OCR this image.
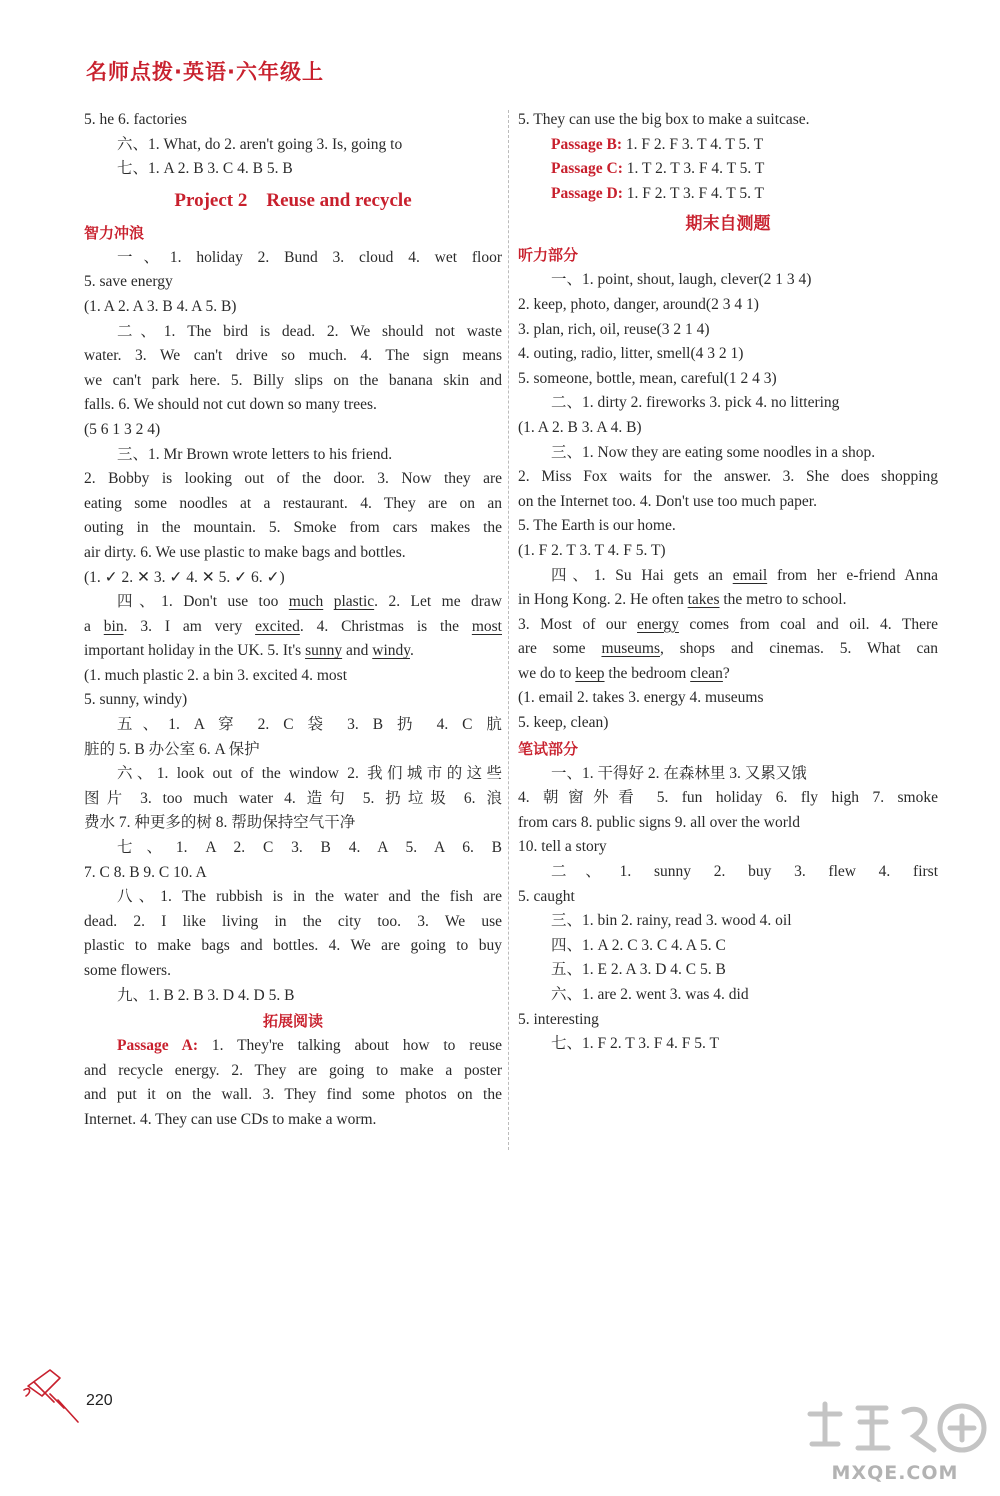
名师点拨·英语·六年级上
5. he 6. factories
六、1. What, do 2. aren't going 3. Is, going to
七、1. A 2. B 3. C 4. B 5. B
Project 2    Reuse and recycle
智力冲浪
一、1. holiday 2. Bund 3. cloud 4. wet floor
5. save energy
(1. A 2. A 3. B 4. A 5. B)
二、1. The bird is dead. 2. We should not waste
water. 3. We can't drive so much. 4. The sign means
we can't park here. 5. Billy slips on the banana skin and
falls. 6. We should not cut down so many trees.
(5 6 1 3 2 4)
三、1. Mr Brown wrote letters to his friend.
2. Bobby is looking out of the door. 3. Now they are
eating some noodles at a restaurant. 4. They are on an
outing in the mountain. 5. Smoke from cars makes the
air dirty. 6. We use plastic to make bags and bottles.
(1. ✓ 2. ✕ 3. ✓ 4. ✕ 5. ✓ 6. ✓)
四、1. Don't use too much plastic. 2. Let me draw
a bin. 3. I am very excited. 4. Christmas is the most
important holiday in the UK. 5. It's sunny and windy.
(1. much plastic 2. a bin 3. excited 4. most
5. sunny, windy)
五、1. A 穿 2. C 袋 3. B 扔 4. C 肮
脏的 5. B 办公室 6. A 保护
六、1. look out of the window 2. 我们城市的这些
图片 3. too much water 4. 造句 5. 扔垃圾 6. 浪
费水 7. 种更多的树 8. 帮助保持空气干净
七、1. A 2. C 3. B 4. A 5. A 6. B
7. C 8. B 9. C 10. A
八、1. The rubbish is in the water and the fish are
dead. 2. I like living in the city too. 3. We use
plastic to make bags and bottles. 4. We are going to buy
some flowers.
九、1. B 2. B 3. D 4. D 5. B
拓展阅读
Passage A: 1. They're talking about how to reuse
and recycle energy. 2. They are going to make a poster
and put it on the wall. 3. They find some photos on the
Internet. 4. They can use CDs to make a worm.
5. They can use the big box to make a suitcase.
Passage B: 1. F 2. F 3. T 4. T 5. T
Passage C: 1. T 2. T 3. F 4. T 5. T
Passage D: 1. F 2. T 3. F 4. T 5. T
期末自测题
听力部分
一、1. point, shout, laugh, clever(2 1 3 4)
2. keep, photo, danger, around(2 3 4 1)
3. plan, rich, oil, reuse(3 2 1 4)
4. outing, radio, litter, smell(4 3 2 1)
5. someone, bottle, mean, careful(1 2 4 3)
二、1. dirty 2. fireworks 3. pick 4. no littering
(1. A 2. B 3. A 4. B)
三、1. Now they are eating some noodles in a shop.
2. Miss Fox waits for the answer. 3. She does shopping
on the Internet too. 4. Don't use too much paper.
5. The Earth is our home.
(1. F 2. T 3. T 4. F 5. T)
四、1. Su Hai gets an email from her e-friend Anna
in Hong Kong. 2. He often takes the metro to school.
3. Most of our energy comes from coal and oil. 4. There
are some museums, shops and cinemas. 5. What can
we do to keep the bedroom clean?
(1. email 2. takes 3. energy 4. museums
5. keep, clean)
笔试部分
一、1. 干得好 2. 在森林里 3. 又累又饿
4. 朝窗外看 5. fun holiday 6. fly high 7. smoke
from cars 8. public signs 9. all over the world
10. tell a story
二、1. sunny 2. buy 3. flew 4. first
5. caught
三、1. bin 2. rainy, read 3. wood 4. oil
四、1. A 2. C 3. C 4. A 5. C
五、1. E 2. A 3. D 4. C 5. B
六、1. are 2. went 3. was 4. did
5. interesting
七、1. F 2. T 3. F 4. F 5. T
220
MXQE.COM
